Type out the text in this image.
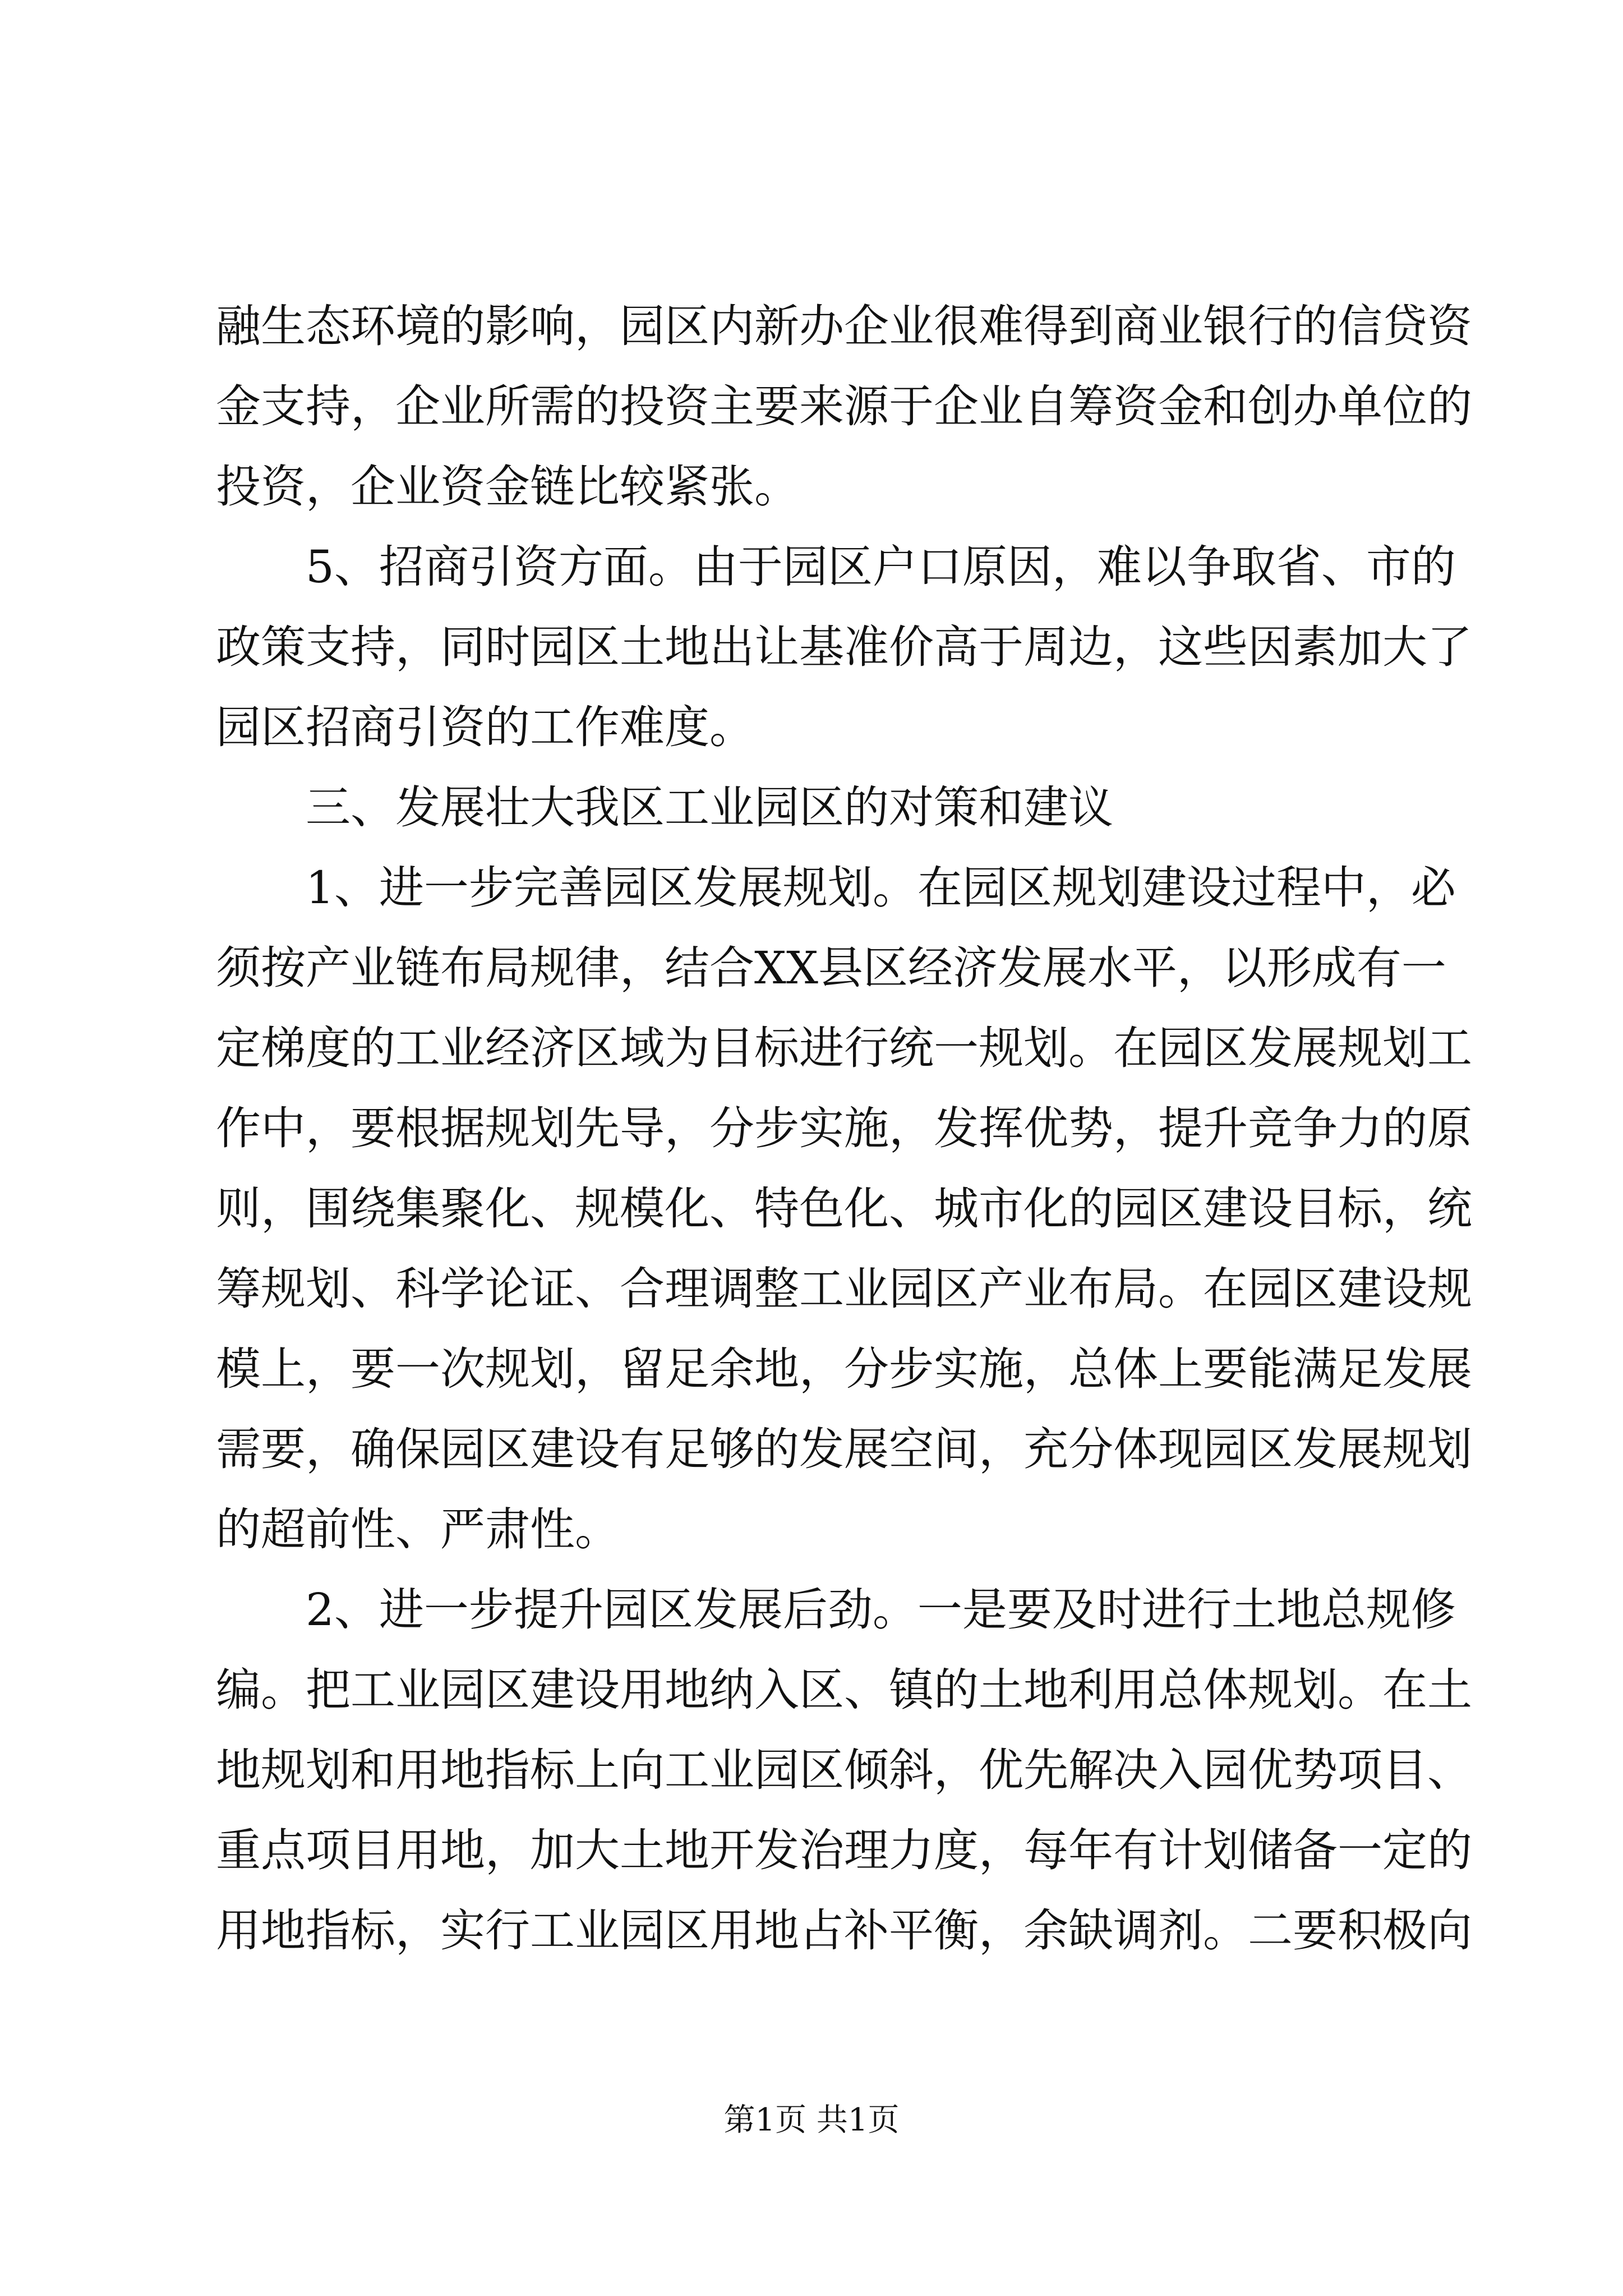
融生态环境的影响，园区内新办企业很难得到商业银行的信贷资
金支持，企业所需的投资主要来源于企业自筹资金和创办单位的
投资，企业资金链比较紧张。
5、招商引资方面。由于园区户口原因，难以争取省、市的
政策支持，同时园区土地出让基准价高于周边，这些因素加大了
园区招商引资的工作难度。
三、发展壮大我区工业园区的对策和建议
1、进一步完善园区发展规划。在园区规划建设过程中，必
须按产业链布局规律，结合XX县区经济发展水平，以形成有一
定梯度的工业经济区域为目标进行统一规划。在园区发展规划工
作中，要根据规划先导，分步实施，发挥优势，提升竞争力的原
则，围绕集聚化、规模化、特色化、城市化的园区建设目标，统
筹规划、科学论证、合理调整工业园区产业布局。在园区建设规
模上，要一次规划，留足余地，分步实施，总体上要能满足发展
需要，确保园区建设有足够的发展空间，充分体现园区发展规划
的超前性、严肃性。
2、进一步提升园区发展后劲。一是要及时进行土地总规修
编。把工业园区建设用地纳入区、镇的土地利用总体规划。在土
地规划和用地指标上向工业园区倾斜，优先解决入园优势项目、
重点项目用地，加大土地开发治理力度，每年有计划储备一定的
用地指标，实行工业园区用地占补平衡，余缺调剂。二要积极向
第1页 共1页
